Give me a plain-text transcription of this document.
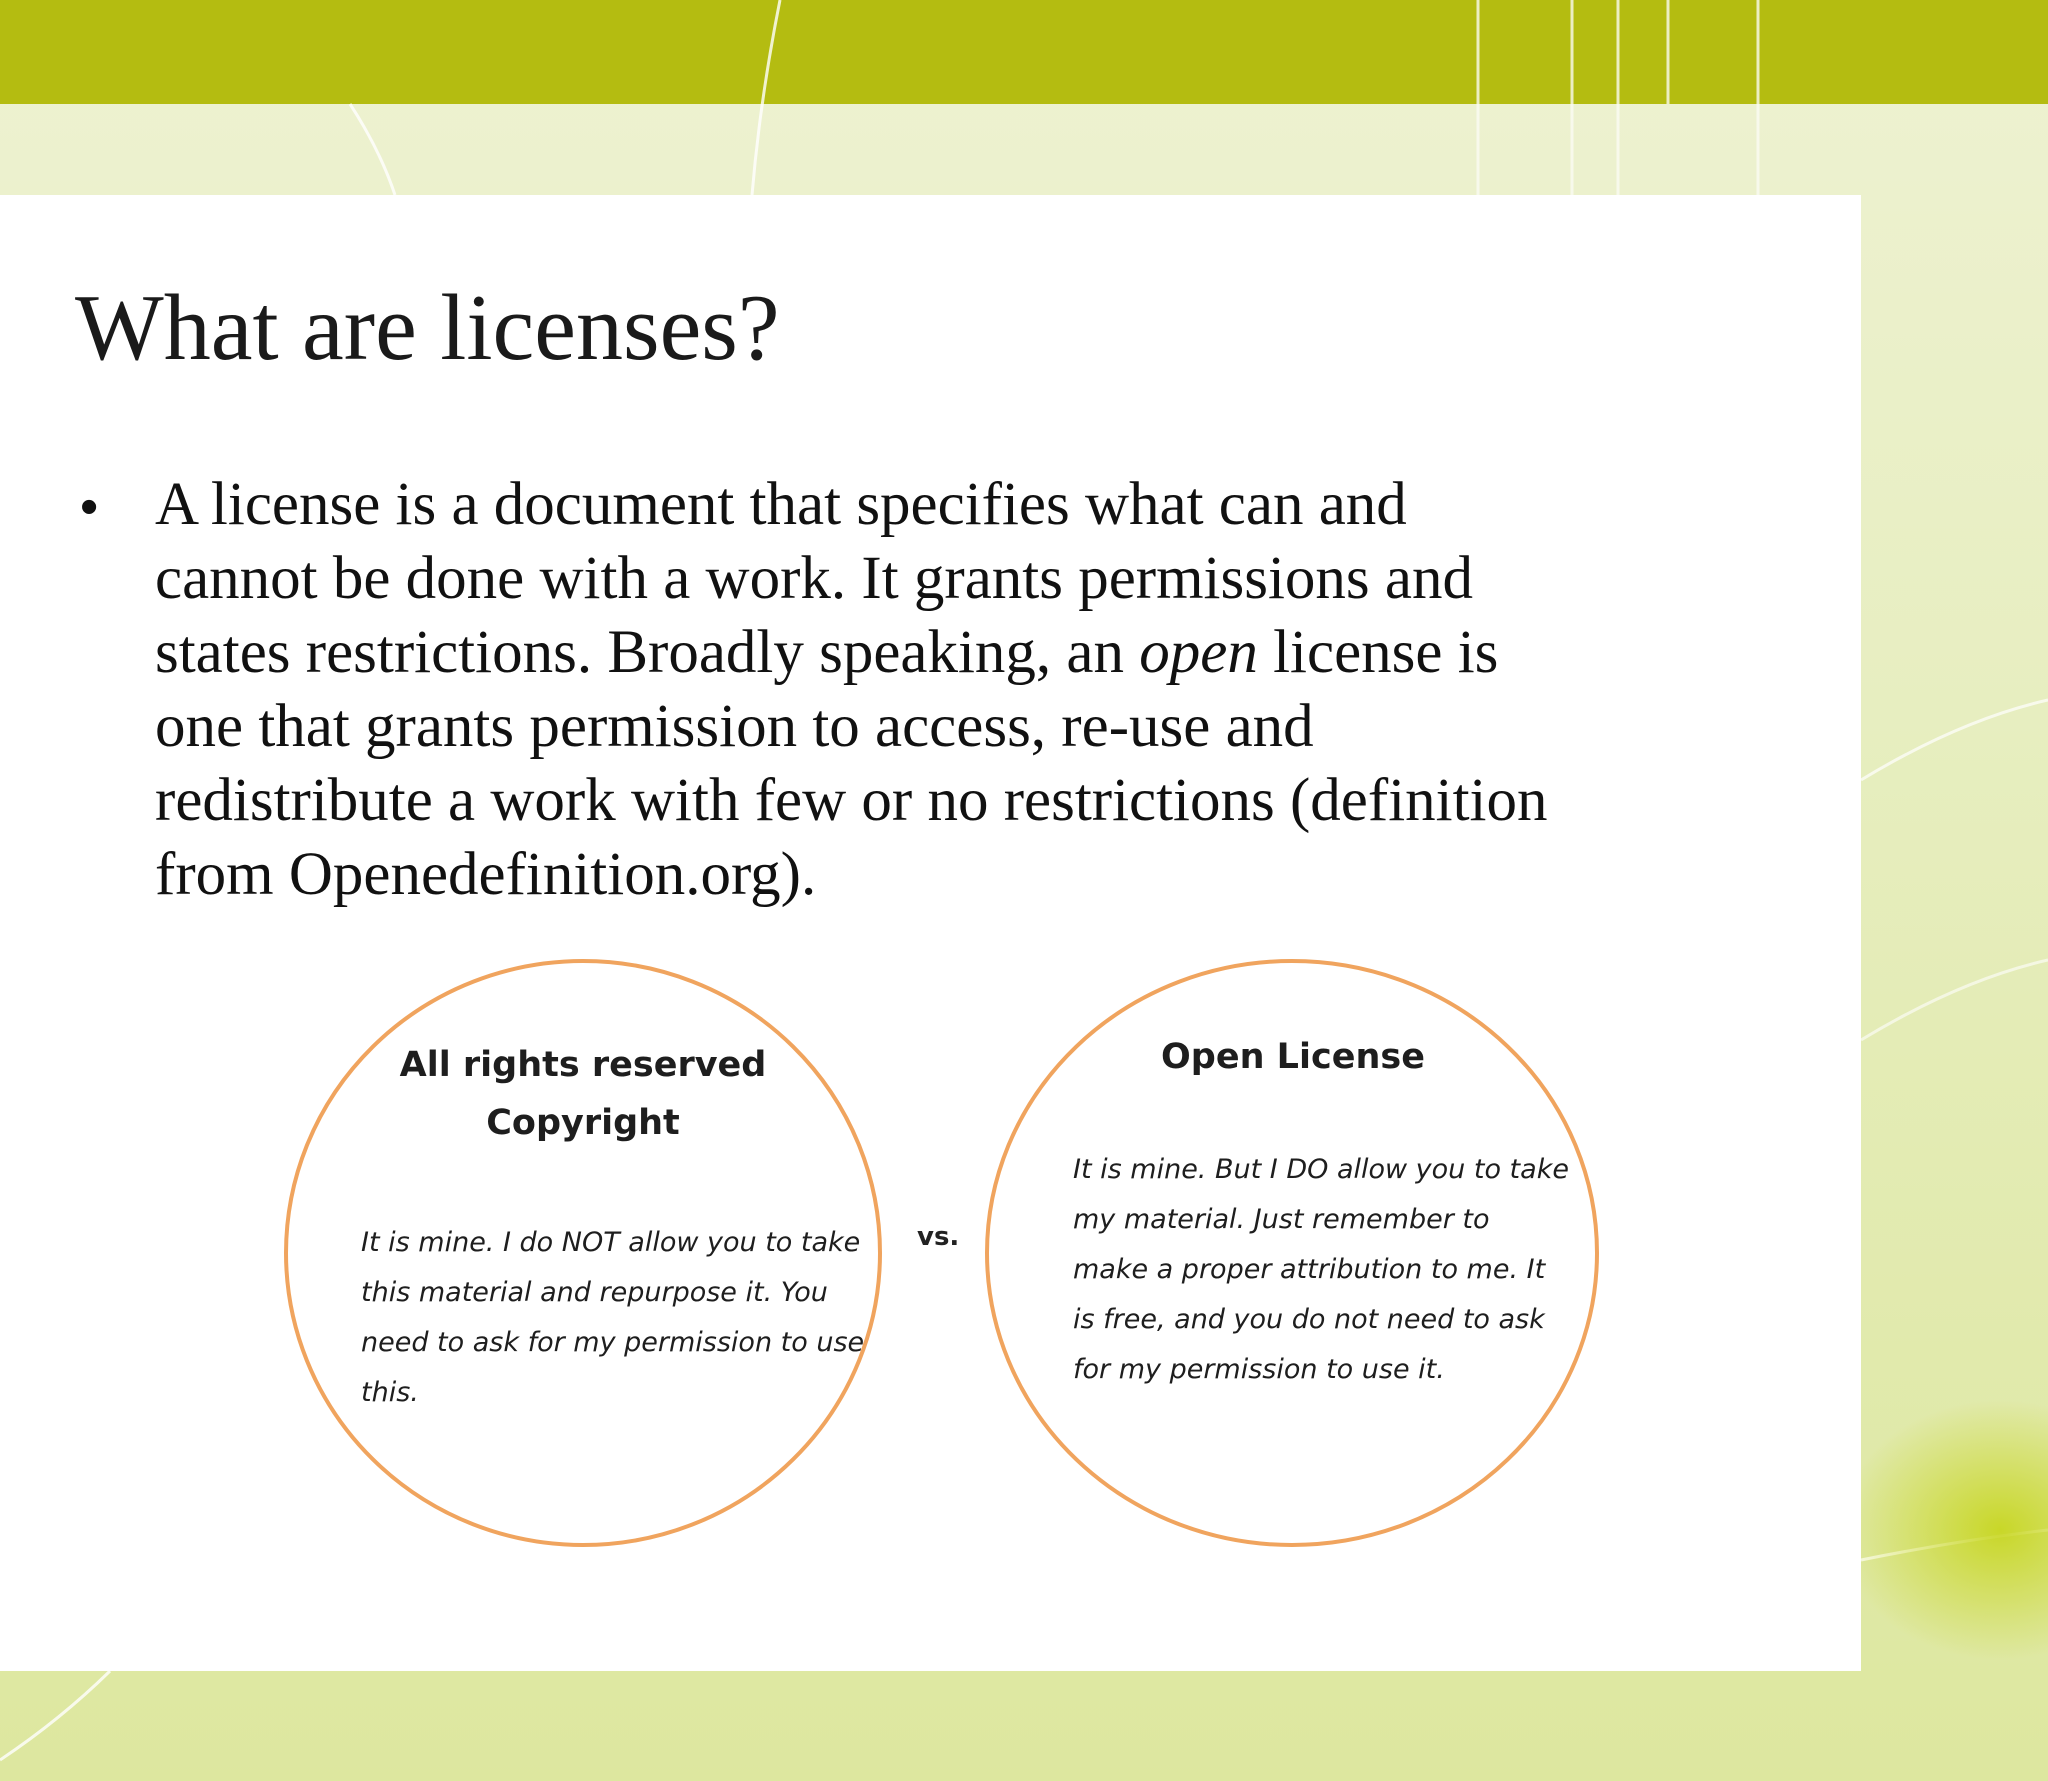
What are licenses?
• A license is a document that specifies what can and
cannot be done with a work. It grants permissions and
states restrictions. Broadly speaking, an open license is
one that grants permission to access, re-use and
redistribute a work with few or no restrictions (definition
from Openedefinition.org).
All rights reserved
Copyright
It is mine. I do NOT allow you to take
this material and repurpose it. You
need to ask for my permission to use
this.
vs.
Open License
It is mine. But I DO allow you to take
my material. Just remember to
make a proper attribution to me. It
is free, and you do not need to ask
for my permission to use it.
